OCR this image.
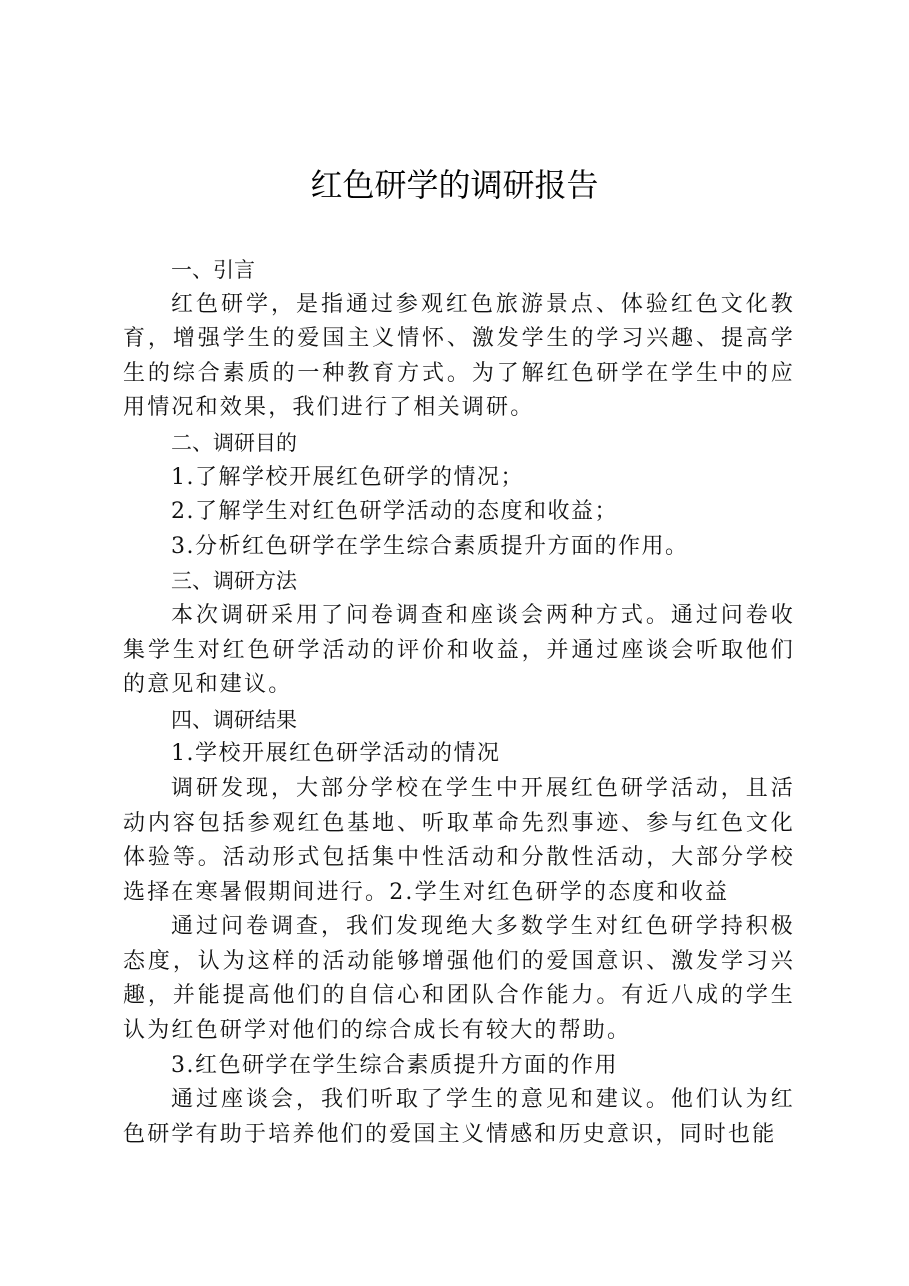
红色研学的调研报告
一、引言

红色研学，是指通过参观红色旅游景点、体验红色文化教育，增强学生的爱国主义情怀、激发学生的学习兴趣、提高学生的综合素质的一种教育方式。为了解红色研学在学生中的应用情况和效果，我们进行了相关调研。

二、调研目的
1.了解学校开展红色研学的情况；
2.了解学生对红色研学活动的态度和收益；
3.分析红色研学在学生综合素质提升方面的作用。
三、调研方法

本次调研采用了问卷调查和座谈会两种方式。通过问卷收集学生对红色研学活动的评价和收益，并通过座谈会听取他们的意见和建议。

四、调研结果
1.学校开展红色研学活动的情况

调研发现，大部分学校在学生中开展红色研学活动，且活动内容包括参观红色基地、听取革命先烈事迹、参与红色文化体验等。活动形式包括集中性活动和分散性活动，大部分学校选择在寒暑假期间进行。2.学生对红色研学的态度和收益

通过问卷调查，我们发现绝大多数学生对红色研学持积极态度，认为这样的活动能够增强他们的爱国意识、激发学习兴趣，并能提高他们的自信心和团队合作能力。有近八成的学生认为红色研学对他们的综合成长有较大的帮助。

3.红色研学在学生综合素质提升方面的作用

通过座谈会，我们听取了学生的意见和建议。他们认为红色研学有助于培养他们的爱国主义情感和历史意识，同时也能
